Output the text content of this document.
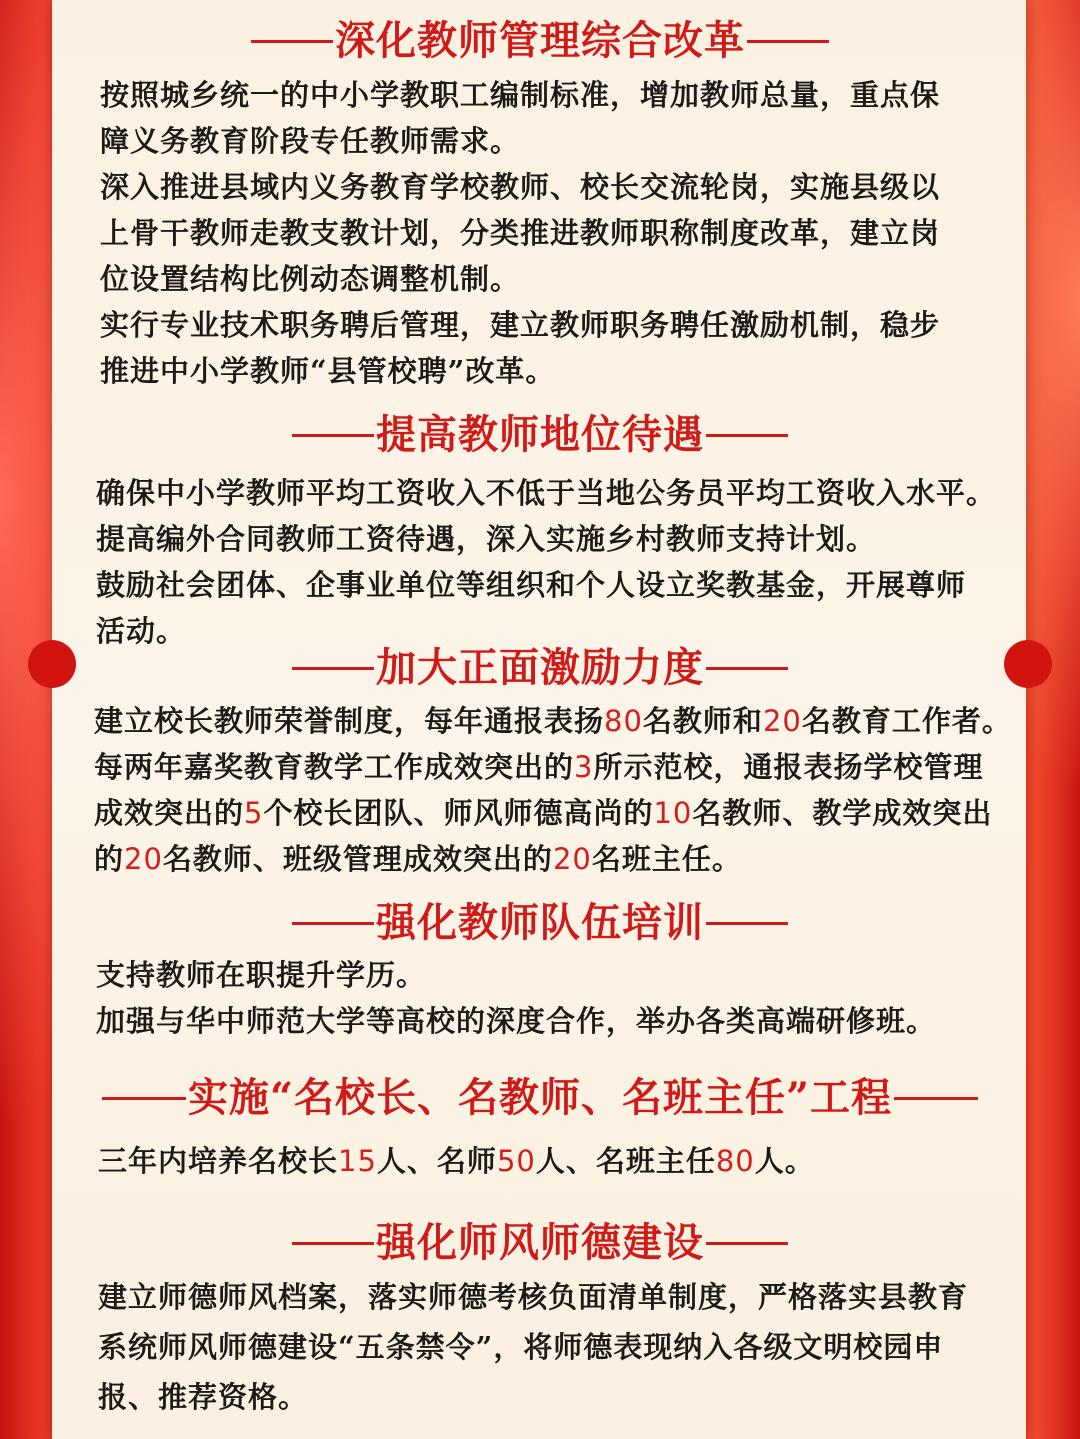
深化教师管理综合改革
按照城乡统一的中小学教职工编制标准，增加教师总量，重点保
障义务教育阶段专任教师需求。
深入推进县域内义务教育学校教师、校长交流轮岗，实施县级以
上骨干教师走教支教计划，分类推进教师职称制度改革，建立岗
位设置结构比例动态调整机制。
实行专业技术职务聘后管理，建立教师职务聘任激励机制，稳步
推进中小学教师“县管校聘”改革。
提高教师地位待遇
确保中小学教师平均工资收入不低于当地公务员平均工资收入水平。
提高编外合同教师工资待遇，深入实施乡村教师支持计划。
鼓励社会团体、企事业单位等组织和个人设立奖教基金，开展尊师
活动。
加大正面激励力度
建立校长教师荣誉制度，每年通报表扬80名教师和20名教育工作者。
每两年嘉奖教育教学工作成效突出的3所示范校，通报表扬学校管理
成效突出的5个校长团队、师风师德高尚的10名教师、教学成效突出
的20名教师、班级管理成效突出的20名班主任。
强化教师队伍培训
支持教师在职提升学历。
加强与华中师范大学等高校的深度合作，举办各类高端研修班。
实施“名校长、名教师、名班主任”工程
三年内培养名校长15人、名师50人、名班主任80人。
强化师风师德建设
建立师德师风档案，落实师德考核负面清单制度，严格落实县教育
系统师风师德建设“五条禁令”，将师德表现纳入各级文明校园申
报、推荐资格。
